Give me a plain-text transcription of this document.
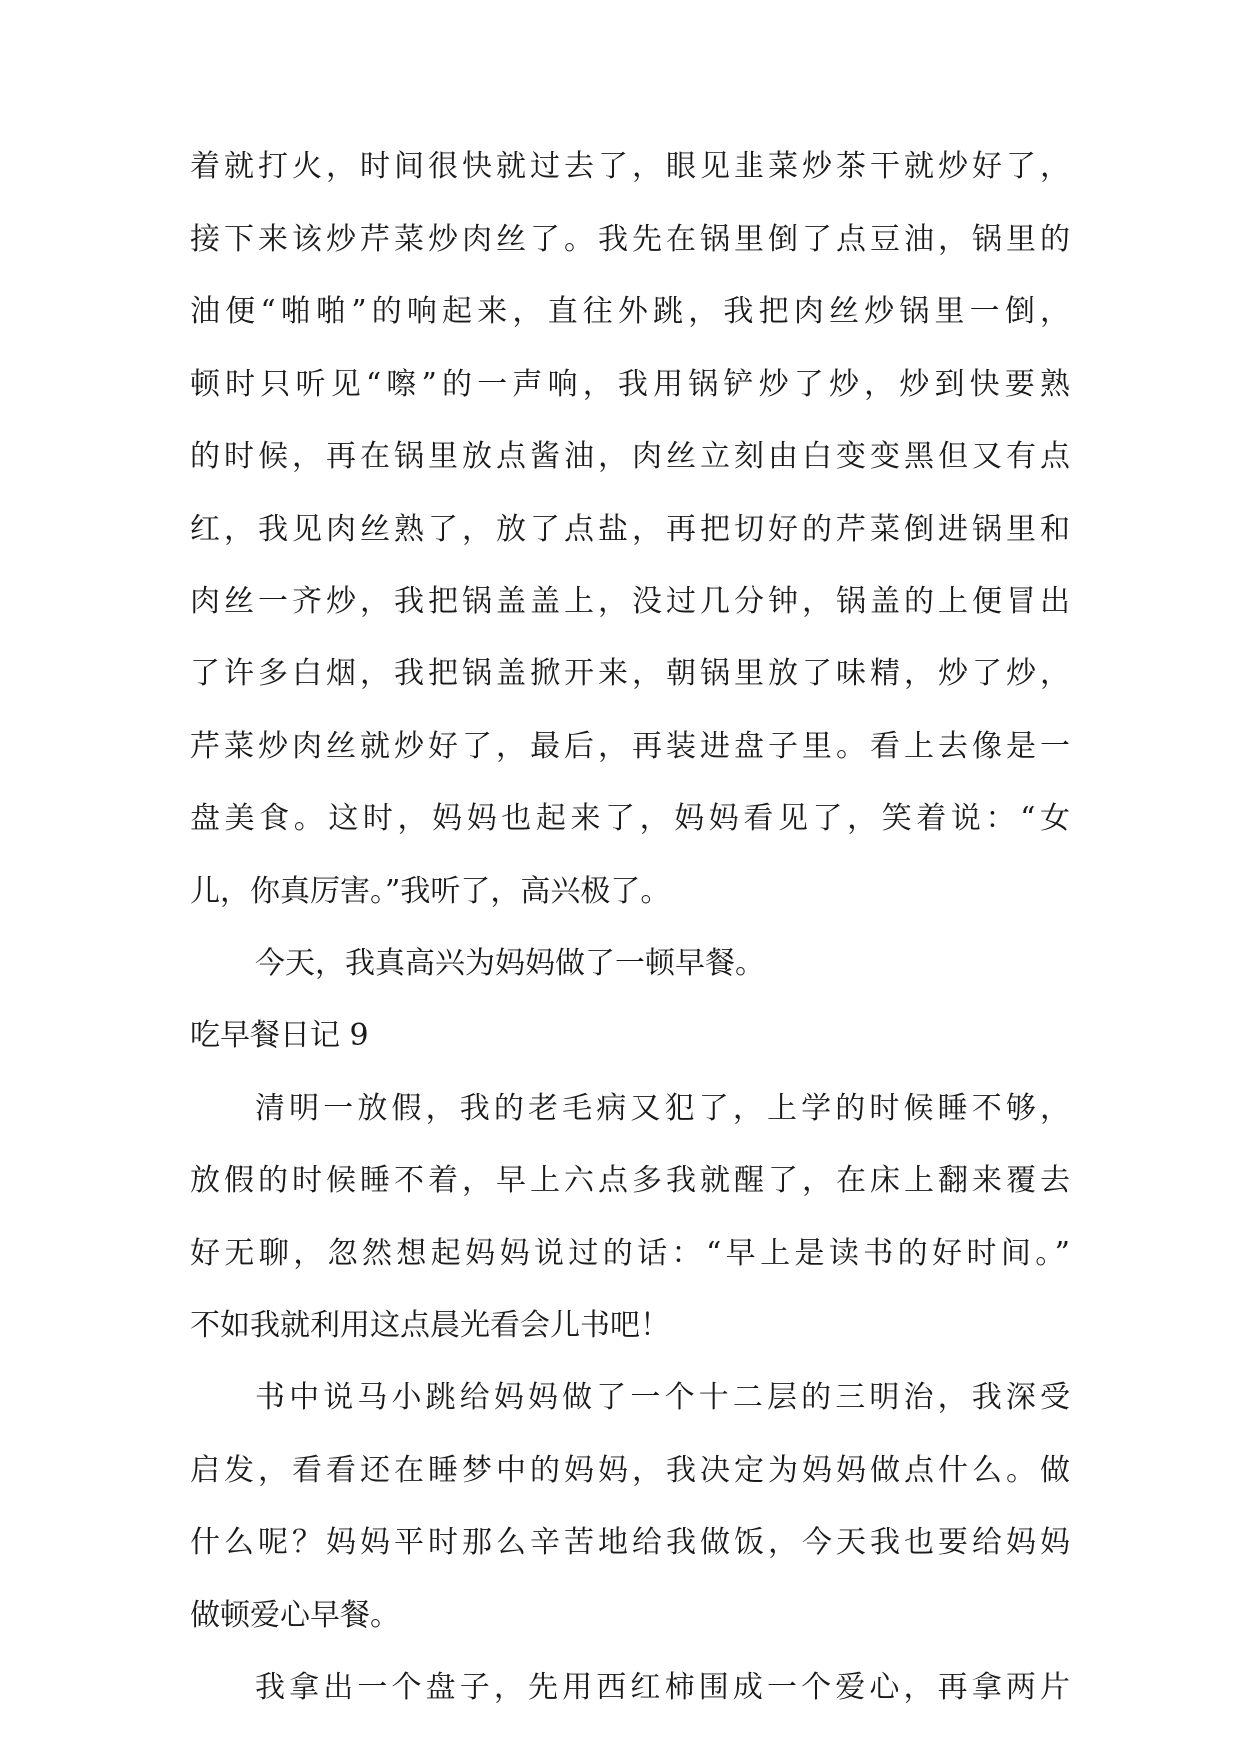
着就打火，时间很快就过去了，眼见韭菜炒茶干就炒好了，
接下来该炒芹菜炒肉丝了。我先在锅里倒了点豆油，锅里的
油便“啪啪”的响起来，直往外跳，我把肉丝炒锅里一倒，
顿时只听见“嚓”的一声响，我用锅铲炒了炒，炒到快要熟
的时候，再在锅里放点酱油，肉丝立刻由白变变黑但又有点
红，我见肉丝熟了，放了点盐，再把切好的芹菜倒进锅里和
肉丝一齐炒，我把锅盖盖上，没过几分钟，锅盖的上便冒出
了许多白烟，我把锅盖掀开来，朝锅里放了味精，炒了炒，
芹菜炒肉丝就炒好了，最后，再装进盘子里。看上去像是一
盘美食。这时，妈妈也起来了，妈妈看见了，笑着说：“女
儿，你真厉害。”我听了，高兴极了。
今天，我真高兴为妈妈做了一顿早餐。
吃早餐日记 9
清明一放假，我的老毛病又犯了，上学的时候睡不够，
放假的时候睡不着，早上六点多我就醒了，在床上翻来覆去
好无聊，忽然想起妈妈说过的话：“早上是读书的好时间。”
不如我就利用这点晨光看会儿书吧！
书中说马小跳给妈妈做了一个十二层的三明治，我深受
启发，看看还在睡梦中的妈妈，我决定为妈妈做点什么。做
什么呢？妈妈平时那么辛苦地给我做饭，今天我也要给妈妈
做顿爱心早餐。
我拿出一个盘子，先用西红柿围成一个爱心，再拿两片
